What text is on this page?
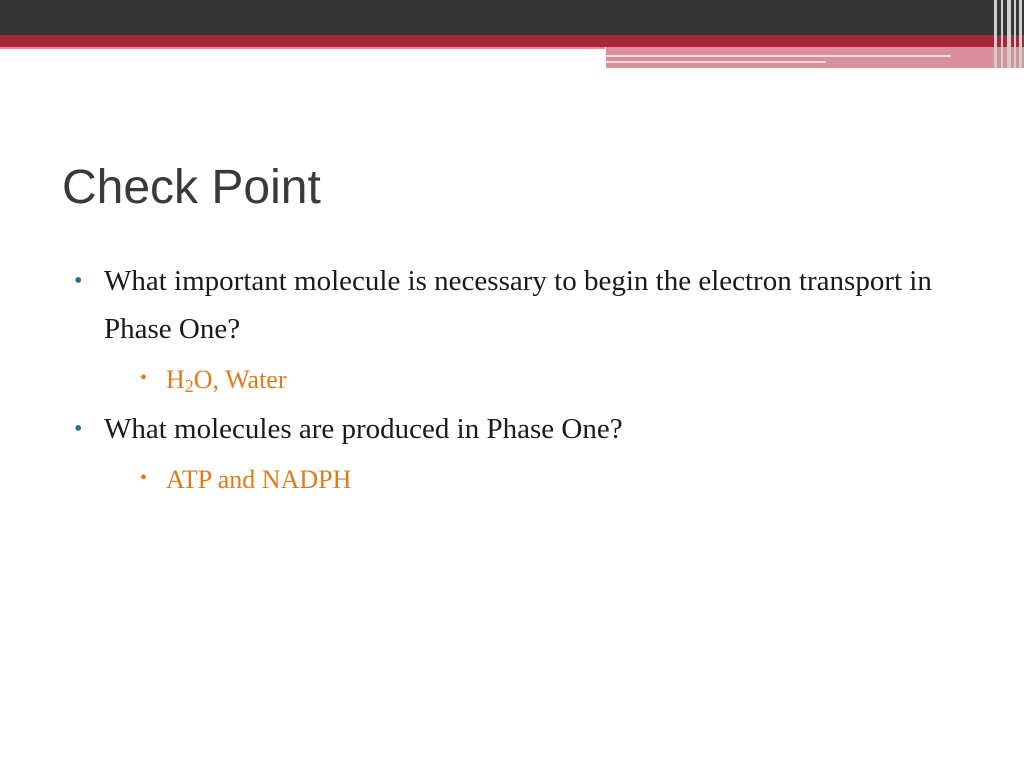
Check Point
• What important molecule is necessary to begin the electron transport in Phase One?
• $H_2O$, Water
• What molecules are produced in Phase One?
• ATP and NADPH
